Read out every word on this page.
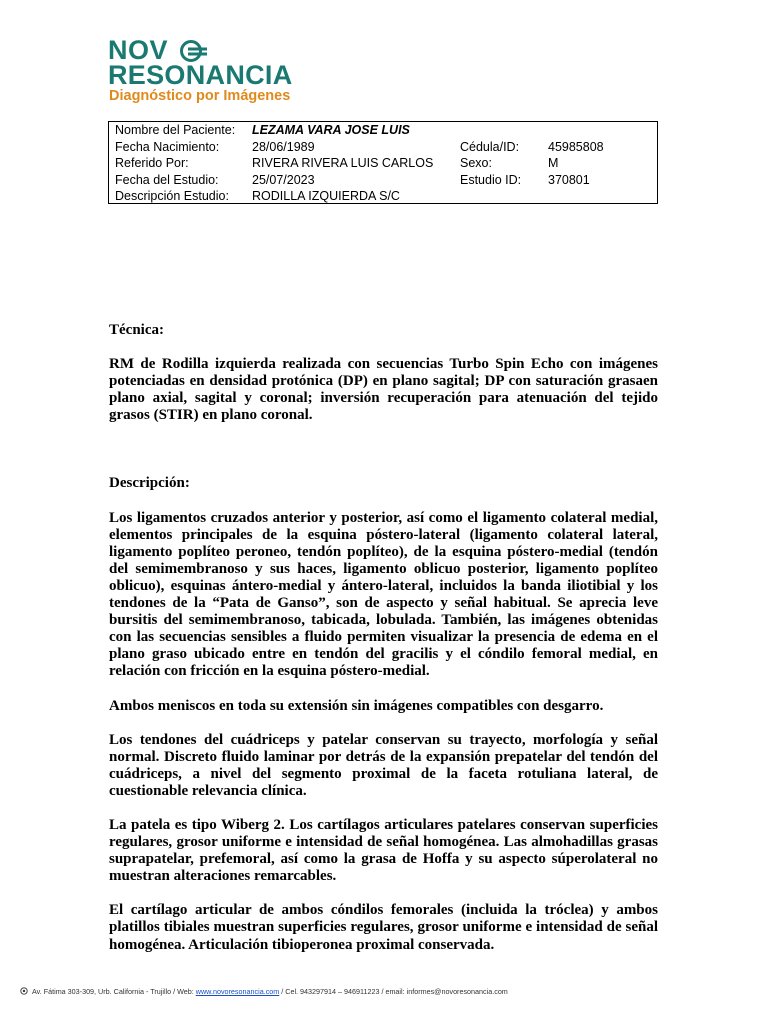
NOV
RESONANCIA
Diagnóstico por Imágenes
Nombre del Paciente: LEZAMA VARA JOSE LUIS
Fecha Nacimiento:	28/06/1989	Cédula/ID: 45985808
Referido Por:	RIVERA RIVERA LUIS CARLOS Sexo:	M
Fecha del Estudio:	25/07/2023	Estudio ID: 370801
Descripción Estudio: RODILLA IZQUIERDA S/C

Técnica:

RM de Rodilla izquierda realizada con secuencias Turbo Spin Echo con imágenes potenciadas en densidad protónica (DP) en plano sagital; DP con saturación grasaen plano axial, sagital y coronal; inversión recuperación para atenuación del tejido grasos (STIR) en plano coronal.

Descripción:

Los ligamentos cruzados anterior y posterior, así como el ligamento colateral medial, elementos principales de la esquina póstero-lateral (ligamento colateral lateral, ligamento poplíteo peroneo, tendón poplíteo), de la esquina póstero-medial (tendón del semimembranoso y sus haces, ligamento oblicuo posterior, ligamento poplíteo oblicuo), esquinas ántero-medial y ántero-lateral, incluidos la banda iliotibial y los tendones de la “Pata de Ganso”, son de aspecto y señal habitual. Se aprecia leve bursitis del semimembranoso, tabicada, lobulada. También, las imágenes obtenidas con las secuencias sensibles a fluido permiten visualizar la presencia de edema en el plano graso ubicado entre en tendón del gracilis y el cóndilo femoral medial, en relación con fricción en la esquina póstero-medial.

Ambos meniscos en toda su extensión sin imágenes compatibles con desgarro.

Los tendones del cuádriceps y patelar conservan su trayecto, morfología y señal normal. Discreto fluido laminar por detrás de la expansión prepatelar del tendón del cuádriceps, a nivel del segmento proximal de la faceta rotuliana lateral, de cuestionable relevancia clínica.

La patela es tipo Wiberg 2. Los cartílagos articulares patelares conservan superficies regulares, grosor uniforme e intensidad de señal homogénea. Las almohadillas grasas suprapatelar, prefemoral, así como la grasa de Hoffa y su aspecto súperolateral no muestran alteraciones remarcables.

El cartílago articular de ambos cóndilos femorales (incluida la tróclea) y ambos platillos tibiales muestran superficies regulares, grosor uniforme e intensidad de señal homogénea. Articulación tibioperonea proximal conservada.

Av. Fátima 303-309, Urb. California - Trujillo / Web: www.novoresonancia.com / Cel. 943297914 – 946911223 / email: informes@novoresonancia.com
